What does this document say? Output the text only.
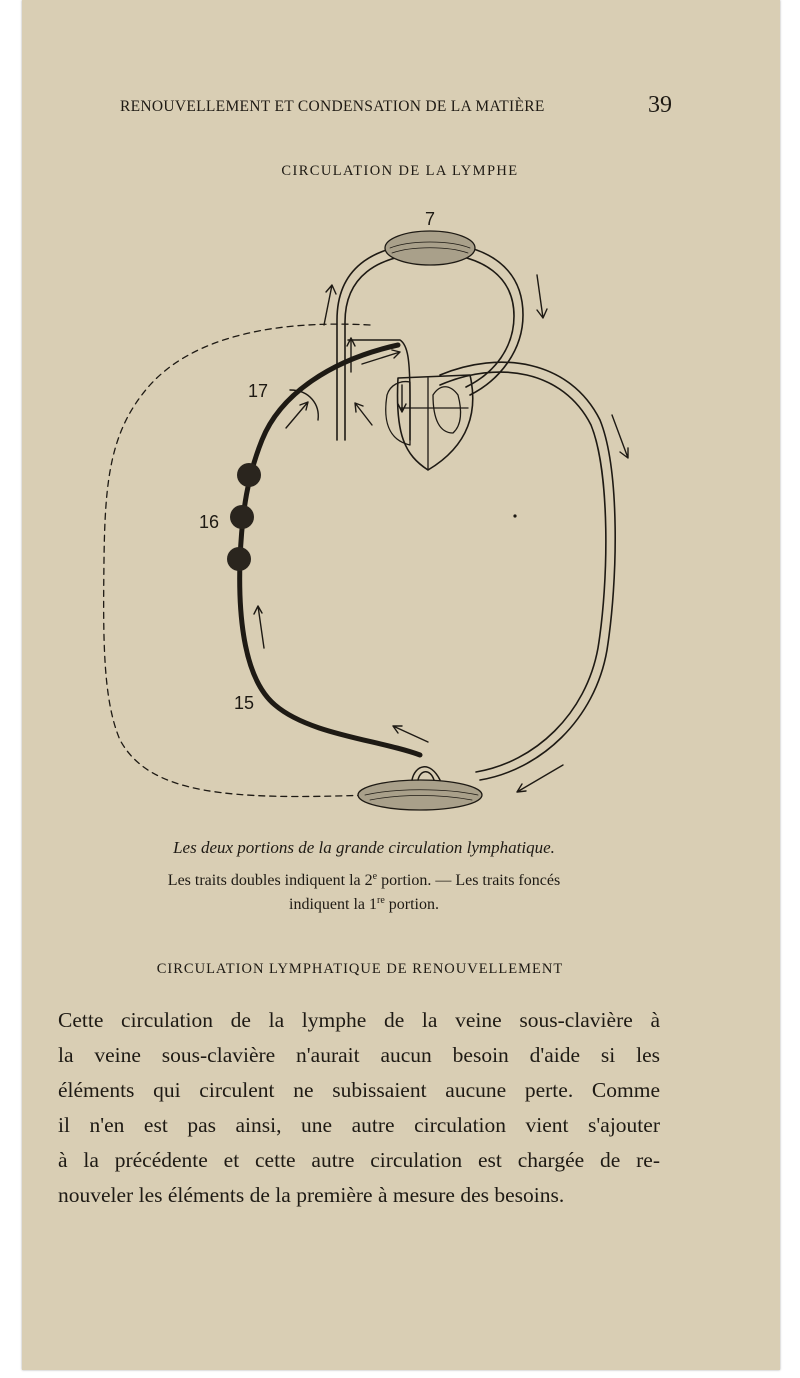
RENOUVELLEMENT ET CONDENSATION DE LA MATIÈRE	39
CIRCULATION DE LA LYMPHE
7
17
16
15
Les deux portions de la grande circulation lymphatique.
Les traits doubles indiquent la 2e portion. — Les traits foncés
indiquent la 1re portion.
CIRCULATION LYMPHATIQUE DE RENOUVELLEMENT
Cette circulation de la lymphe de la veine sous-clavière à
la veine sous-clavière n'aurait aucun besoin d'aide si les
éléments qui circulent ne subissaient aucune perte. Comme
il n'en est pas ainsi, une autre circulation vient s'ajouter
à la précédente et cette autre circulation est chargée de re-
nouveler les éléments de la première à mesure des besoins.
